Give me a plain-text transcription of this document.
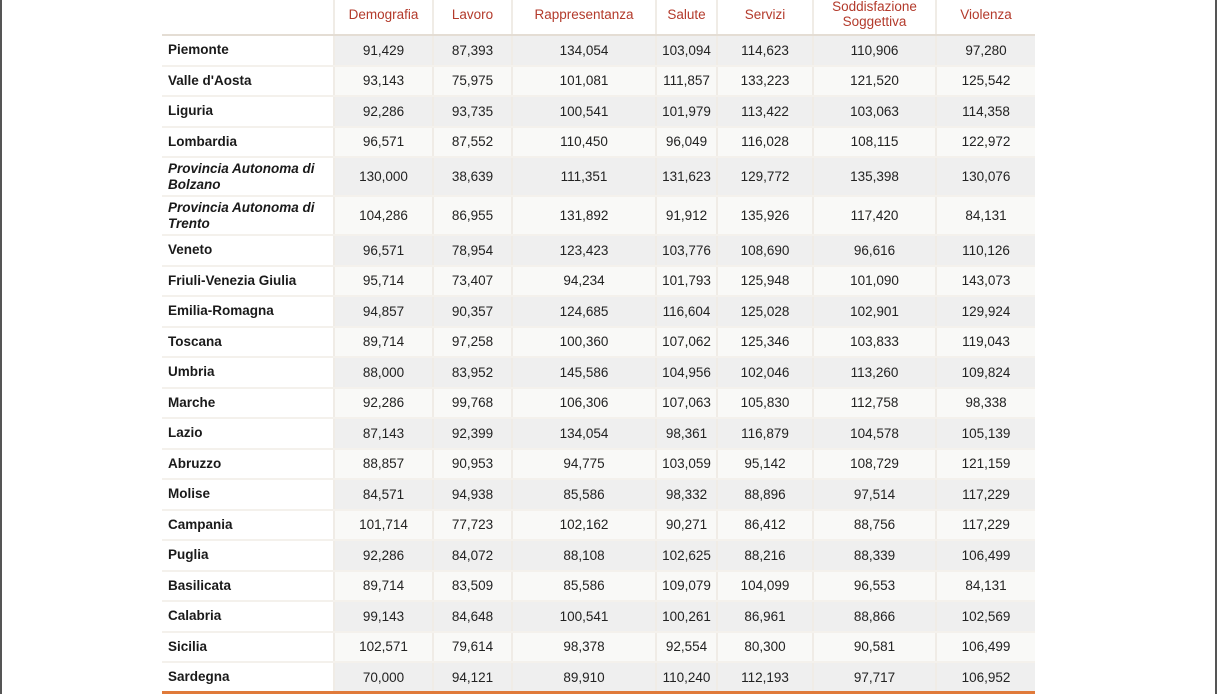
	Demografia	Lavoro	Rappresentanza	Salute	Servizi	Soddisfazione Soggettiva	Violenza
Piemonte	91,429	87,393	134,054	103,094	114,623	110,906	97,280
Valle d'Aosta	93,143	75,975	101,081	111,857	133,223	121,520	125,542
Liguria	92,286	93,735	100,541	101,979	113,422	103,063	114,358
Lombardia	96,571	87,552	110,450	96,049	116,028	108,115	122,972
Provincia Autonoma di Bolzano	130,000	38,639	111,351	131,623	129,772	135,398	130,076
Provincia Autonoma di Trento	104,286	86,955	131,892	91,912	135,926	117,420	84,131
Veneto	96,571	78,954	123,423	103,776	108,690	96,616	110,126
Friuli-Venezia Giulia	95,714	73,407	94,234	101,793	125,948	101,090	143,073
Emilia-Romagna	94,857	90,357	124,685	116,604	125,028	102,901	129,924
Toscana	89,714	97,258	100,360	107,062	125,346	103,833	119,043
Umbria	88,000	83,952	145,586	104,956	102,046	113,260	109,824
Marche	92,286	99,768	106,306	107,063	105,830	112,758	98,338
Lazio	87,143	92,399	134,054	98,361	116,879	104,578	105,139
Abruzzo	88,857	90,953	94,775	103,059	95,142	108,729	121,159
Molise	84,571	94,938	85,586	98,332	88,896	97,514	117,229
Campania	101,714	77,723	102,162	90,271	86,412	88,756	117,229
Puglia	92,286	84,072	88,108	102,625	88,216	88,339	106,499
Basilicata	89,714	83,509	85,586	109,079	104,099	96,553	84,131
Calabria	99,143	84,648	100,541	100,261	86,961	88,866	102,569
Sicilia	102,571	79,614	98,378	92,554	80,300	90,581	106,499
Sardegna	70,000	94,121	89,910	110,240	112,193	97,717	106,952
